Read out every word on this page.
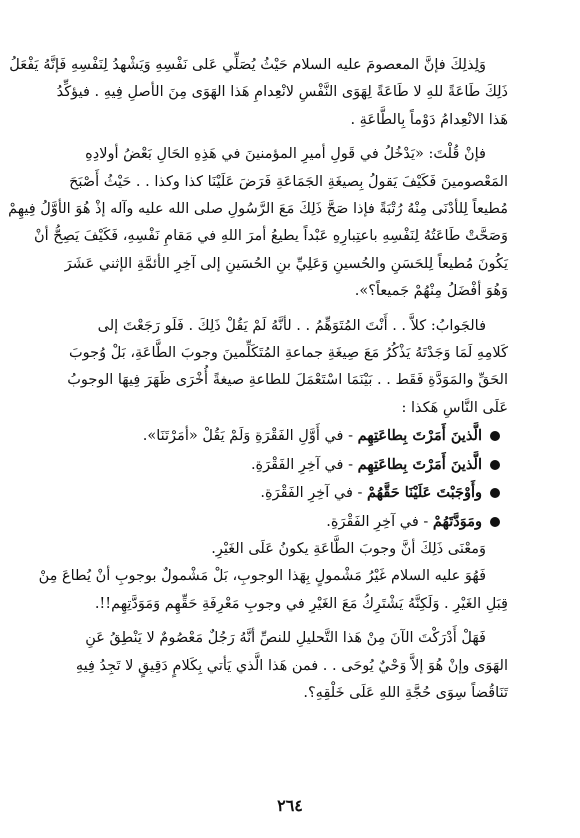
وَلِذلِكَ فإنَّ المعصومَ عليه السلام حَيْثُ يُصَلِّي عَلى نَفْسِهِ وَيَشْهدُ لِنَفْسِهِ فَإنَّهُ يَفْعَلُ
ذَلِكَ طَاعَةً للهِ لا طَاعَةً لِهَوَى النَّفْسِ لانْعِدامِ هَذا الهَوَى مِنَ الأصلِ فِيهِ . فيؤكِّدُ
هَذا الانْعِدامُ دَوْماً بِالطَّاعَةِ .
فإنْ قُلْتَ: «يَدْخُلُ في قَولِ أميرِ المؤمنينَ في هَذِهِ الحَالِ بَعْضُ أولادِهِ
المَعْصومينَ فَكَيْفَ يَقولُ بِصيغَةِ الجَمَاعَةِ فَرَضَ عَلَيْنَا كذا وكذا . . حَيْثُ أَصْبَحَ
مُطيعاً لِلأدْنَى مِنْهُ رُتْبَةً فإذا صَحَّ ذَلِكَ مَعَ الرَّسُولِ صلى الله عليه وآله إذْ هُوَ الأوَّلُ فِيهِمْ
وَصَحَّتْ طَاعَتُهُ لِنَفْسِهِ باعتِبارِهِ عَبْداً يطيعُ أمرَ اللهِ في مَقامِ نَفْسِهِ، فَكَيْفَ يَصِحُّ أنْ
يَكُونَ مُطيعاً لِلحَسَنِ والحُسينِ وَعَلِيِّ بنِ الحُسَينِ إلى آخِرِ الأئمَّةِ الإثني عَشَرَ
وَهُوَ أفْضَلُ مِنْهُمْ جَميعاً؟».
فالجَوابُ: كلاَّ . . أَنْتَ المُتَوَهِّمُ . . لأنَّهُ لَمْ يَقُلْ ذَلِكَ . فَلَو رَجَعْتَ إلى
كَلامِهِ لَمَا وَجَدْتَهُ يَذْكُرُ مَعَ صِيغَةِ جماعةِ المُتَكَلِّمينَ وجوبَ الطَّاعَةِ، بَلْ وُجوبَ
الحَقِّ والمَوَدَّةِ فَقَط . . بَيْنَمَا اسْتَعْمَلَ للطاعةِ صيغةً أُخْرَى ظَهَرَ فِيهَا الوجوبُ
عَلَى النَّاسِ هَكذا :
الَّذينَ أَمَرْتَ بِطاعَتِهِم - في أَوَّلِ الفَقْرَةِ وَلَمْ يَقُلْ «أمَرْتَنَا».
الَّذينَ أَمَرْتَ بِطاعَتِهِم - في آخِرِ الفَقْرَةِ.
وأَوْجَبْتَ عَلَيْنَا حَقَّهُمْ - في آخِرِ الفَقْرَةِ.
ومَوَدَّتَهُمْ - في آخِرِ الفَقْرَةِ.
وَمعْنَى ذَلِكَ أنَّ وجوبَ الطَّاعَةِ يكونُ عَلَى الغَيْرِ.
فَهُوَ عليه السلام غَيْرُ مَشْمولٍ بِهَذا الوجوبِ، بَلْ مَشْمولٌ بوجوبِ أنْ يُطاعَ مِنْ
قِبَلِ الغَيْرِ . وَلَكِنَّهُ يَشْتَرِكُ مَعَ الغَيْرِ في وجوبِ مَعْرِفَةِ حَقِّهِم وَمَوَدَّتِهِم!!.
فَهَلْ أَدْرَكْتَ الآنَ مِنْ هَذا التَّحليلِ للنصِّ أنَّهُ رَجُلٌ مَعْصُومٌ لا يَنْطِقُ عَنِ
الهَوَى وإنْ هُوَ إلاَّ وَحْيٌ يُوحَى . . فمن هَذا الَّذي يَأتي بِكَلامٍ دَقِيقٍ لا تَجِدُ فِيهِ
تَنَاقُضاً سِوَى حُجَّةِ اللهِ عَلَى خَلْقِهِ؟.
٢٦٤
